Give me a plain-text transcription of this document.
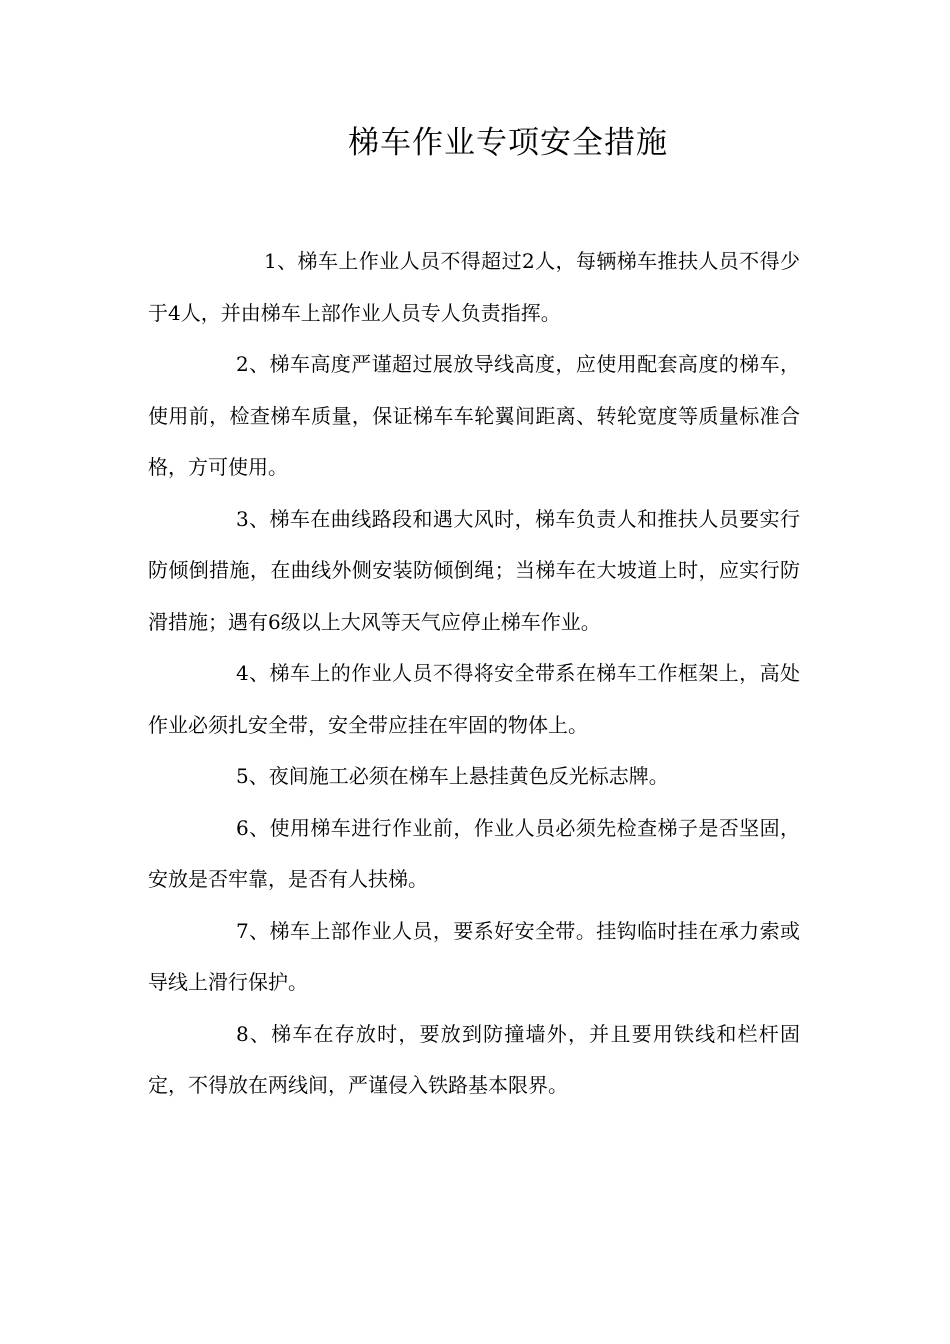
梯车作业专项安全措施

1、梯车上作业人员不得超过2人，每辆梯车推扶人员不得少于4人，并由梯车上部作业人员专人负责指挥。

2、梯车高度严谨超过展放导线高度，应使用配套高度的梯车，使用前，检查梯车质量，保证梯车车轮翼间距离、转轮宽度等质量标准合格，方可使用。

3、梯车在曲线路段和遇大风时，梯车负责人和推扶人员要实行防倾倒措施，在曲线外侧安装防倾倒绳；当梯车在大坡道上时，应实行防滑措施；遇有6级以上大风等天气应停止梯车作业。

4、梯车上的作业人员不得将安全带系在梯车工作框架上，高处作业必须扎安全带，安全带应挂在牢固的物体上。

5、夜间施工必须在梯车上悬挂黄色反光标志牌。

6、使用梯车进行作业前，作业人员必须先检查梯子是否坚固，安放是否牢靠，是否有人扶梯。

7、梯车上部作业人员，要系好安全带。挂钩临时挂在承力索或导线上滑行保护。

8、梯车在存放时，要放到防撞墙外，并且要用铁线和栏杆固定，不得放在两线间，严谨侵入铁路基本限界。
